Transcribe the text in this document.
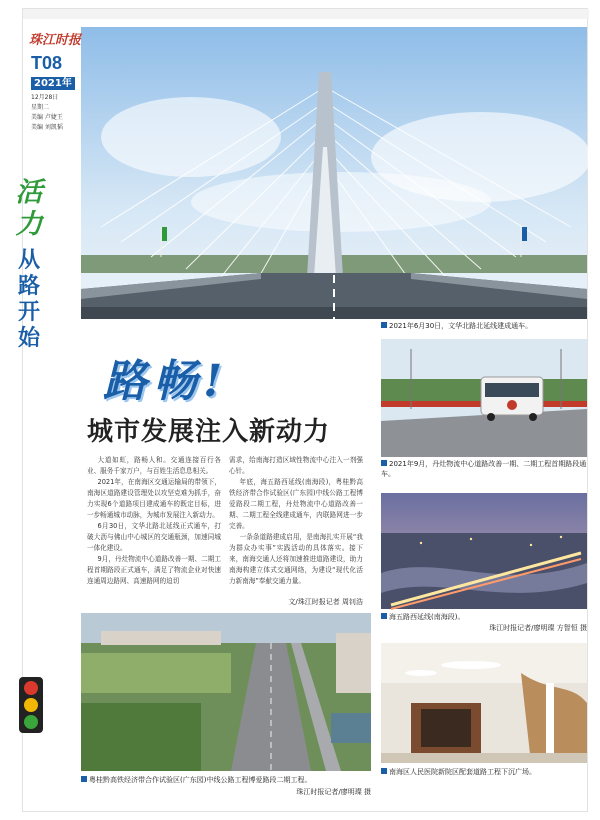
2021年6月30日，文华北路北延线建成通车。
珠江时报
T08
2021年
12月28日
星期二
美编 卢婕王
美编 刘凯韬
活
力
从
路
开
始
路畅!
城市发展注入新动力

大道如虹，路畅人和。交通连接百行各业、服务千家万户，与百姓生活息息相关。

2021年，在南海区交通运输局的带领下，南海区道路建设管理处以攻坚克难为抓手，奋力实现6个道路项目建成通车的既定目标，进一步畅通城市动脉，为城市发展注入新动力。

6月30日，文华北路北延线正式通车，打破大沥与佛山中心城区的交通瓶颈，加速同城一体化建设。

9月，丹灶物流中心道路改善一期、二期工程首期路段正式通车，满足了物流企业对快速连通周边路网、高速路网的迫切

需求，给南海打造区域性物流中心注入一剂强心针。

年底，海五路西延线(南海段)，粤桂黔高铁经济带合作试验区(广东园)中线公路工程博爱路段二期工程，丹灶物流中心道路改善一期、二期工程全线建成通车，内联路网进一步完善。

一条条道路建成启用，是南海扎实开展“我为群众办实事”实践活动的具体落实。接下来，南海交通人还将加速推进道路建设，助力南海构建立体式交通网络，为建设“现代化活力新南海”奉献交通力量。

文/珠江时报记者 周钊浩
2021年9月，丹灶物流中心道路改善一期、二期工程首期路段通车。
海五路西延线(南海段)。
珠江时报记者/廖明璨 方智恒 摄
南海区人民医院新院区配套道路工程下沉广场。
粤桂黔高铁经济带合作试验区(广东园)中线公路工程博爱路段二期工程。
珠江时报记者/廖明璨 摄
